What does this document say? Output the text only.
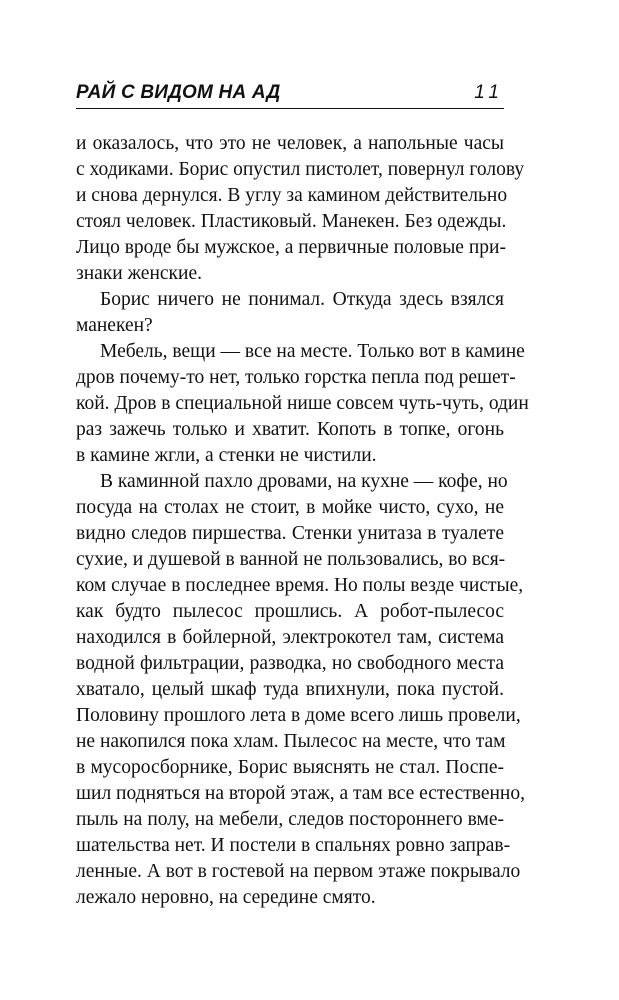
РАЙ С ВИДОМ НА АД	11
и оказалось, что это не человек, а напольные часы
с ходиками. Борис опустил пистолет, повернул голову
и снова дернулся. В углу за камином действительно
стоял человек. Пластиковый. Манекен. Без одежды.
Лицо вроде бы мужское, а первичные половые при-
знаки женские.
Борис ничего не понимал. Откуда здесь взялся
манекен?
Мебель, вещи — все на месте. Только вот в камине
дров почему-то нет, только горстка пепла под решет-
кой. Дров в специальной нише совсем чуть-чуть, один
раз зажечь только и хватит. Копоть в топке, огонь
в камине жгли, а стенки не чистили.
В каминной пахло дровами, на кухне — кофе, но
посуда на столах не стоит, в мойке чисто, сухо, не
видно следов пиршества. Стенки унитаза в туалете
сухие, и душевой в ванной не пользовались, во вся-
ком случае в последнее время. Но полы везде чистые,
как будто пылесос прошлись. А робот-пылесос
находился в бойлерной, электрокотел там, система
водной фильтрации, разводка, но свободного места
хватало, целый шкаф туда впихнули, пока пустой.
Половину прошлого лета в доме всего лишь провели,
не накопился пока хлам. Пылесос на месте, что там
в мусоросборнике, Борис выяснять не стал. Поспе-
шил подняться на второй этаж, а там все естественно,
пыль на полу, на мебели, следов постороннего вме-
шательства нет. И постели в спальнях ровно заправ-
ленные. А вот в гостевой на первом этаже покрывало
лежало неровно, на середине смято.
